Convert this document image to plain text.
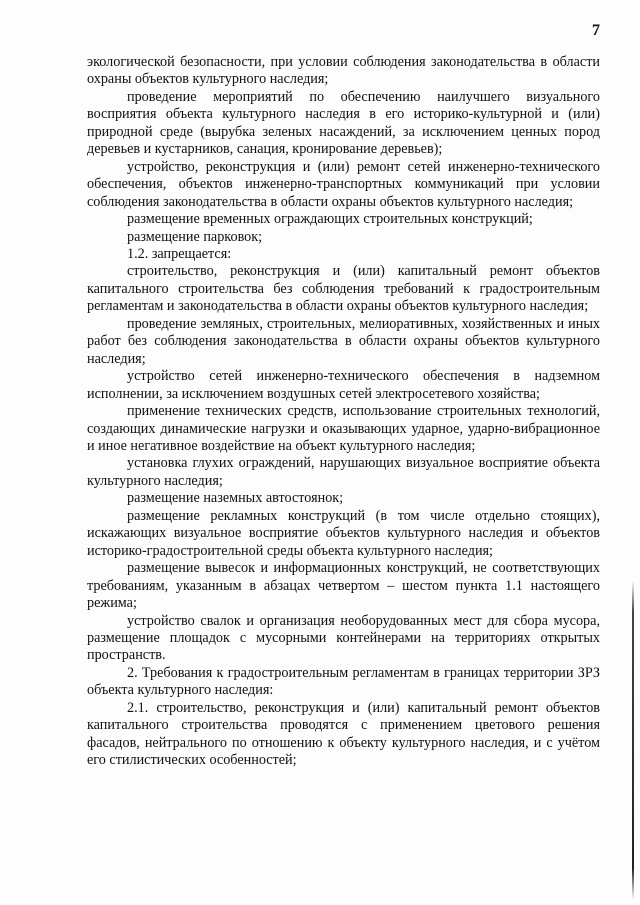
7

экологической безопасности, при условии соблюдения законодательства в области охраны объектов культурного наследия;

проведение мероприятий по обеспечению наилучшего визуального восприятия объекта культурного наследия в его историко-культурной и (или) природной среде (вырубка зеленых насаждений, за исключением ценных пород деревьев и кустарников, санация, кронирование деревьев);

устройство, реконструкция и (или) ремонт сетей инженерно-технического обеспечения, объектов инженерно-транспортных коммуникаций при условии соблюдения законодательства в области охраны объектов культурного наследия;

размещение временных ограждающих строительных конструкций;

размещение парковок;

1.2. запрещается:

строительство, реконструкция и (или) капитальный ремонт объектов капитального строительства без соблюдения требований к градостроительным регламентам и законодательства в области охраны объектов культурного наследия;

проведение земляных, строительных, мелиоративных, хозяйственных и иных работ без соблюдения законодательства в области охраны объектов культурного наследия;

устройство сетей инженерно-технического обеспечения в надземном исполнении, за исключением воздушных сетей электросетевого хозяйства;

применение технических средств, использование строительных технологий, создающих динамические нагрузки и оказывающих ударное, ударно-вибрационное и иное негативное воздействие на объект культурного наследия;

установка глухих ограждений, нарушающих визуальное восприятие объекта культурного наследия;

размещение наземных автостоянок;

размещение рекламных конструкций (в том числе отдельно стоящих), искажающих визуальное восприятие объектов культурного наследия и объектов историко-градостроительной среды объекта культурного наследия;

размещение вывесок и информационных конструкций, не соответствующих требованиям, указанным в абзацах четвертом – шестом пункта 1.1 настоящего режима;

устройство свалок и организация необорудованных мест для сбора мусора, размещение площадок с мусорными контейнерами на территориях открытых пространств.

2. Требования к градостроительным регламентам в границах территории ЗРЗ объекта культурного наследия:

2.1. строительство, реконструкция и (или) капитальный ремонт объектов капитального строительства проводятся с применением цветового решения фасадов, нейтрального по отношению к объекту культурного наследия, и с учётом его стилистических особенностей;
